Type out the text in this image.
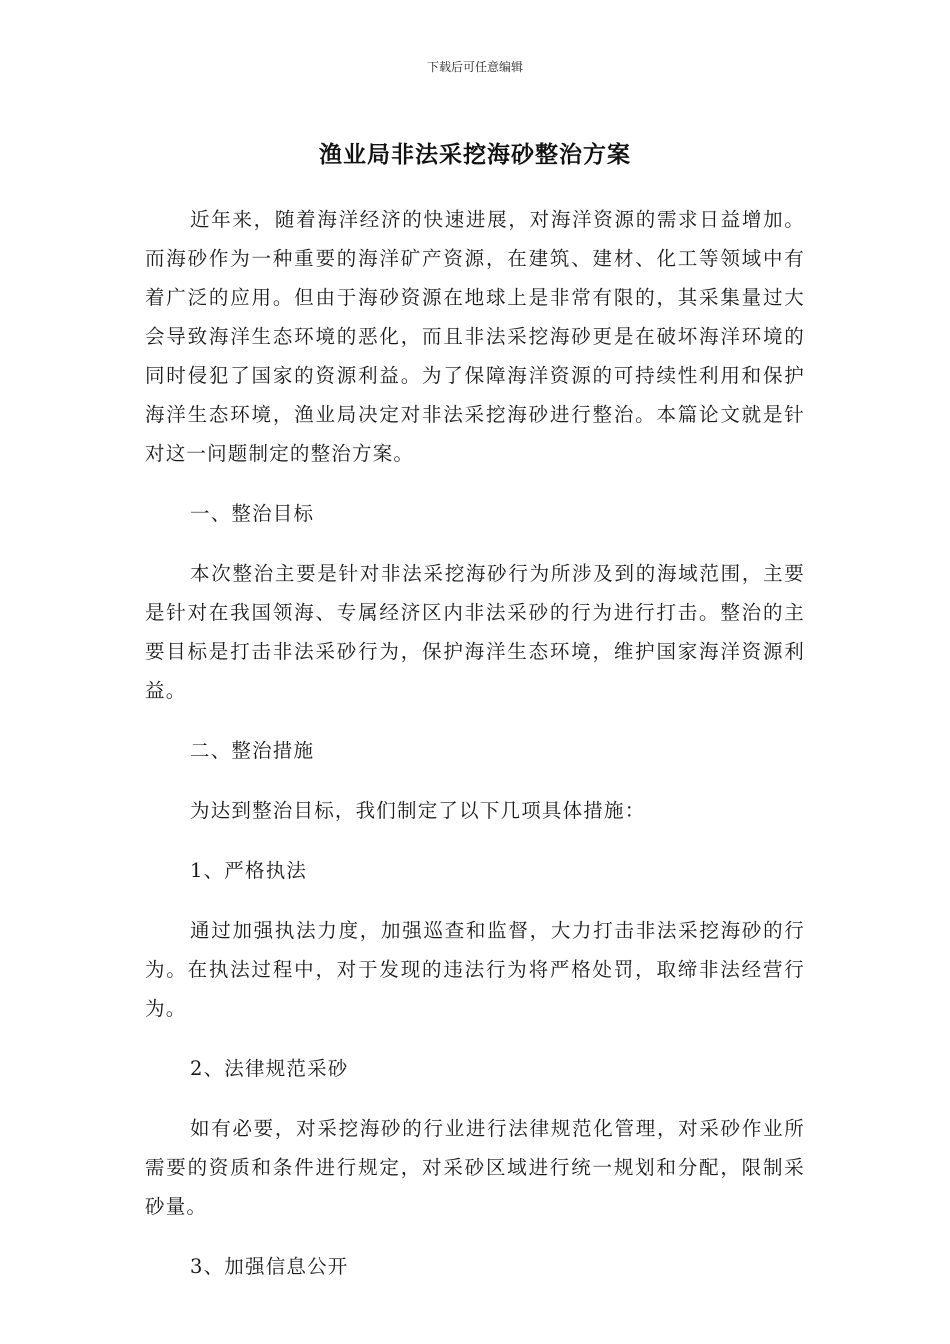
下载后可任意编辑
渔业局非法采挖海砂整治方案

近年来，随着海洋经济的快速进展，对海洋资源的需求日益增加。而海砂作为一种重要的海洋矿产资源，在建筑、建材、化工等领域中有着广泛的应用。但由于海砂资源在地球上是非常有限的，其采集量过大会导致海洋生态环境的恶化，而且非法采挖海砂更是在破坏海洋环境的同时侵犯了国家的资源利益。为了保障海洋资源的可持续性利用和保护海洋生态环境，渔业局决定对非法采挖海砂进行整治。本篇论文就是针对这一问题制定的整治方案。

一、整治目标

本次整治主要是针对非法采挖海砂行为所涉及到的海域范围，主要是针对在我国领海、专属经济区内非法采砂的行为进行打击。整治的主要目标是打击非法采砂行为，保护海洋生态环境，维护国家海洋资源利益。

二、整治措施

为达到整治目标，我们制定了以下几项具体措施：

1、严格执法

通过加强执法力度，加强巡查和监督，大力打击非法采挖海砂的行为。在执法过程中，对于发现的违法行为将严格处罚，取缔非法经营行为。

2、法律规范采砂

如有必要，对采挖海砂的行业进行法律规范化管理，对采砂作业所需要的资质和条件进行规定，对采砂区域进行统一规划和分配，限制采砂量。

3、加强信息公开
